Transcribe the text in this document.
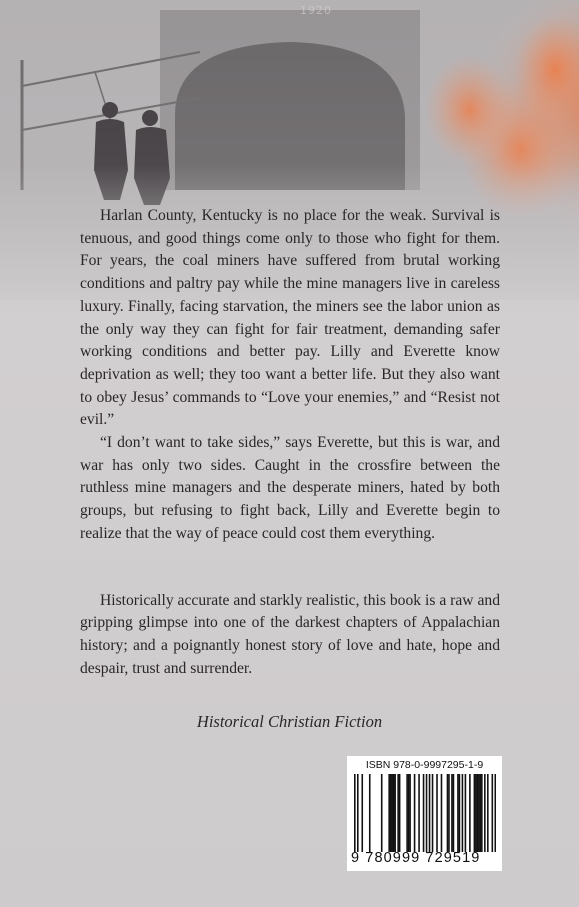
1920

Harlan County, Kentucky is no place for the weak. Survival is tenuous, and good things come only to those who fight for them. For years, the coal miners have suffered from brutal working conditions and paltry pay while the mine managers live in careless luxury. Finally, facing starvation, the miners see the labor union as the only way they can fight for fair treatment, demanding safer working conditions and better pay. Lilly and Everette know deprivation as well; they too want a better life. But they also want to obey Jesus’ commands to “Love your enemies,” and “Resist not evil.”

“I don’t want to take sides,” says Everette, but this is war, and war has only two sides. Caught in the crossfire between the ruthless mine managers and the desperate miners, hated by both groups, but refusing to fight back, Lilly and Everette begin to realize that the way of peace could cost them everything.

Historically accurate and starkly realistic, this book is a raw and gripping glimpse into one of the darkest chapters of Appalachian history; and a poignantly honest story of love and hate, hope and despair, trust and surrender.

Historical Christian Fiction
ISBN 978-0-9997295-1-9
9 780999 729519
